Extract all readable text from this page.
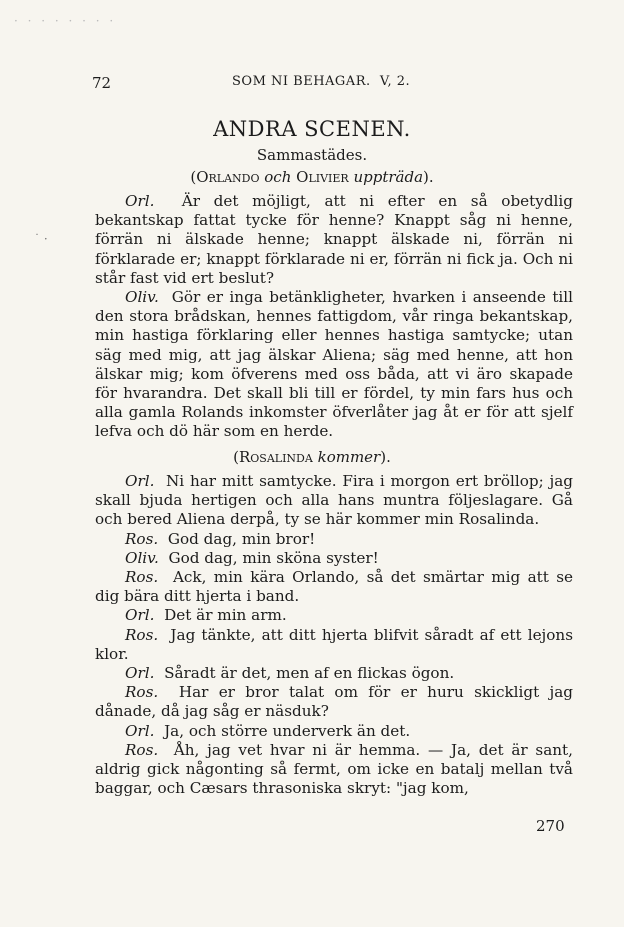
72	SOM NI BEHAGAR. V, 2.
ANDRA SCENEN.
Sammastädes.
(Orlando och Olivier uppträda).

Orl. Är det möjligt, att ni efter en så obetydlig bekantskap fattat tycke för henne? Knappt såg ni henne, förrän ni älskade henne; knappt älskade ni, förrän ni förklarade er; knappt förklarade ni er, förrän ni fick ja. Och ni står fast vid ert beslut?

Oliv. Gör er inga betänkligheter, hvarken i anseende till den stora brådskan, hennes fattigdom, vår ringa bekantskap, min hastiga förklaring eller hennes hastiga samtycke; utan säg med mig, att jag älskar Aliena; säg med henne, att hon älskar mig; kom öfverens med oss båda, att vi äro skapade för hvarandra. Det skall bli till er fördel, ty min fars hus och alla gamla Rolands inkomster öfverlåter jag åt er för att sjelf lefva och dö här som en herde.

(Rosalinda kommer).

Orl. Ni har mitt samtycke. Fira i morgon ert bröllop; jag skall bjuda hertigen och alla hans muntra följeslagare. Gå och bered Aliena derpå, ty se här kommer min Rosalinda.

Ros. God dag, min bror!

Oliv. God dag, min sköna syster!

Ros. Ack, min kära Orlando, så det smärtar mig att se dig bära ditt hjerta i band.

Orl. Det är min arm.

Ros. Jag tänkte, att ditt hjerta blifvit såradt af ett lejons klor.

Orl. Såradt är det, men af en flickas ögon.

Ros. Har er bror talat om för er huru skickligt jag dånade, då jag såg er näsduk?

Orl. Ja, och större underverk än det.

Ros. Åh, jag vet hvar ni är hemma. — Ja, det är sant, aldrig gick någonting så fermt, om icke en batalj mellan två baggar, och Cæsars thrasoniska skryt: "jag kom,

270
˙ ·
· · · · · · · ·
